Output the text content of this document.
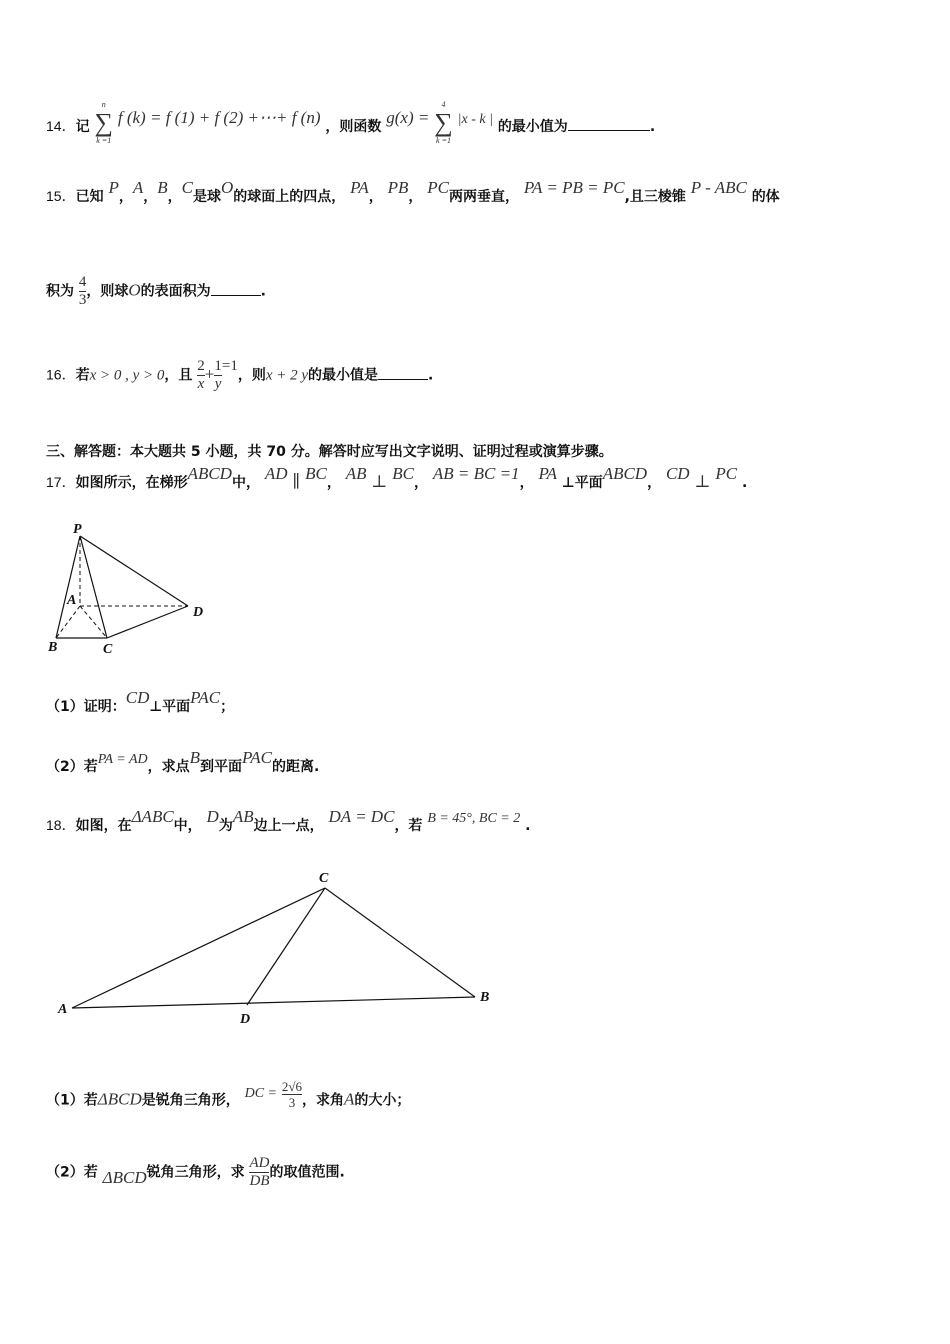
14．记
n
∑
k =1
f (k) = f (1) + f (2) +⋯+ f (n) ，则函数 g(x) =
4
∑
k =1
|x - k | 的最小值为	.
15．已知 P，A，B，C是球O的球面上的四点， PA， PB， PC两两垂直， PA = PB = PC,且三棱锥 P - ABC 的体
积为 $\frac{4}{3}$ ，则球O的表面积为	.
16．若x > 0 , y > 0，且 $\frac{2}{x} + \frac{1}{y} =1$，则x + 2 y的最小值是	.
三、解答题：本大题共 5 小题，共 70 分。解答时应写出文字说明、证明过程或演算步骤。
17．如图所示，在梯形ABCD中， AD ∥ BC， AB ⊥ BC， AB = BC =1， PA ⊥平面ABCD， CD ⊥ PC .
P
A
D
B	C
（1）证明：CD⊥平面PAC；
（2）若PA = AD，求点B到平面PAC的距离.
18．如图，在ΔABC中， D为AB边上一点， DA = DC，若 B = 45°, BC = 2 .
C
A
D
B
（1）若ΔBCD是锐角三角形， DC = $\frac{2√6}{3}$ ，求角A的大小；
（2）若 ΔBCD锐角三角形，求 $\frac{AD}{DB}$ 的取值范围.
